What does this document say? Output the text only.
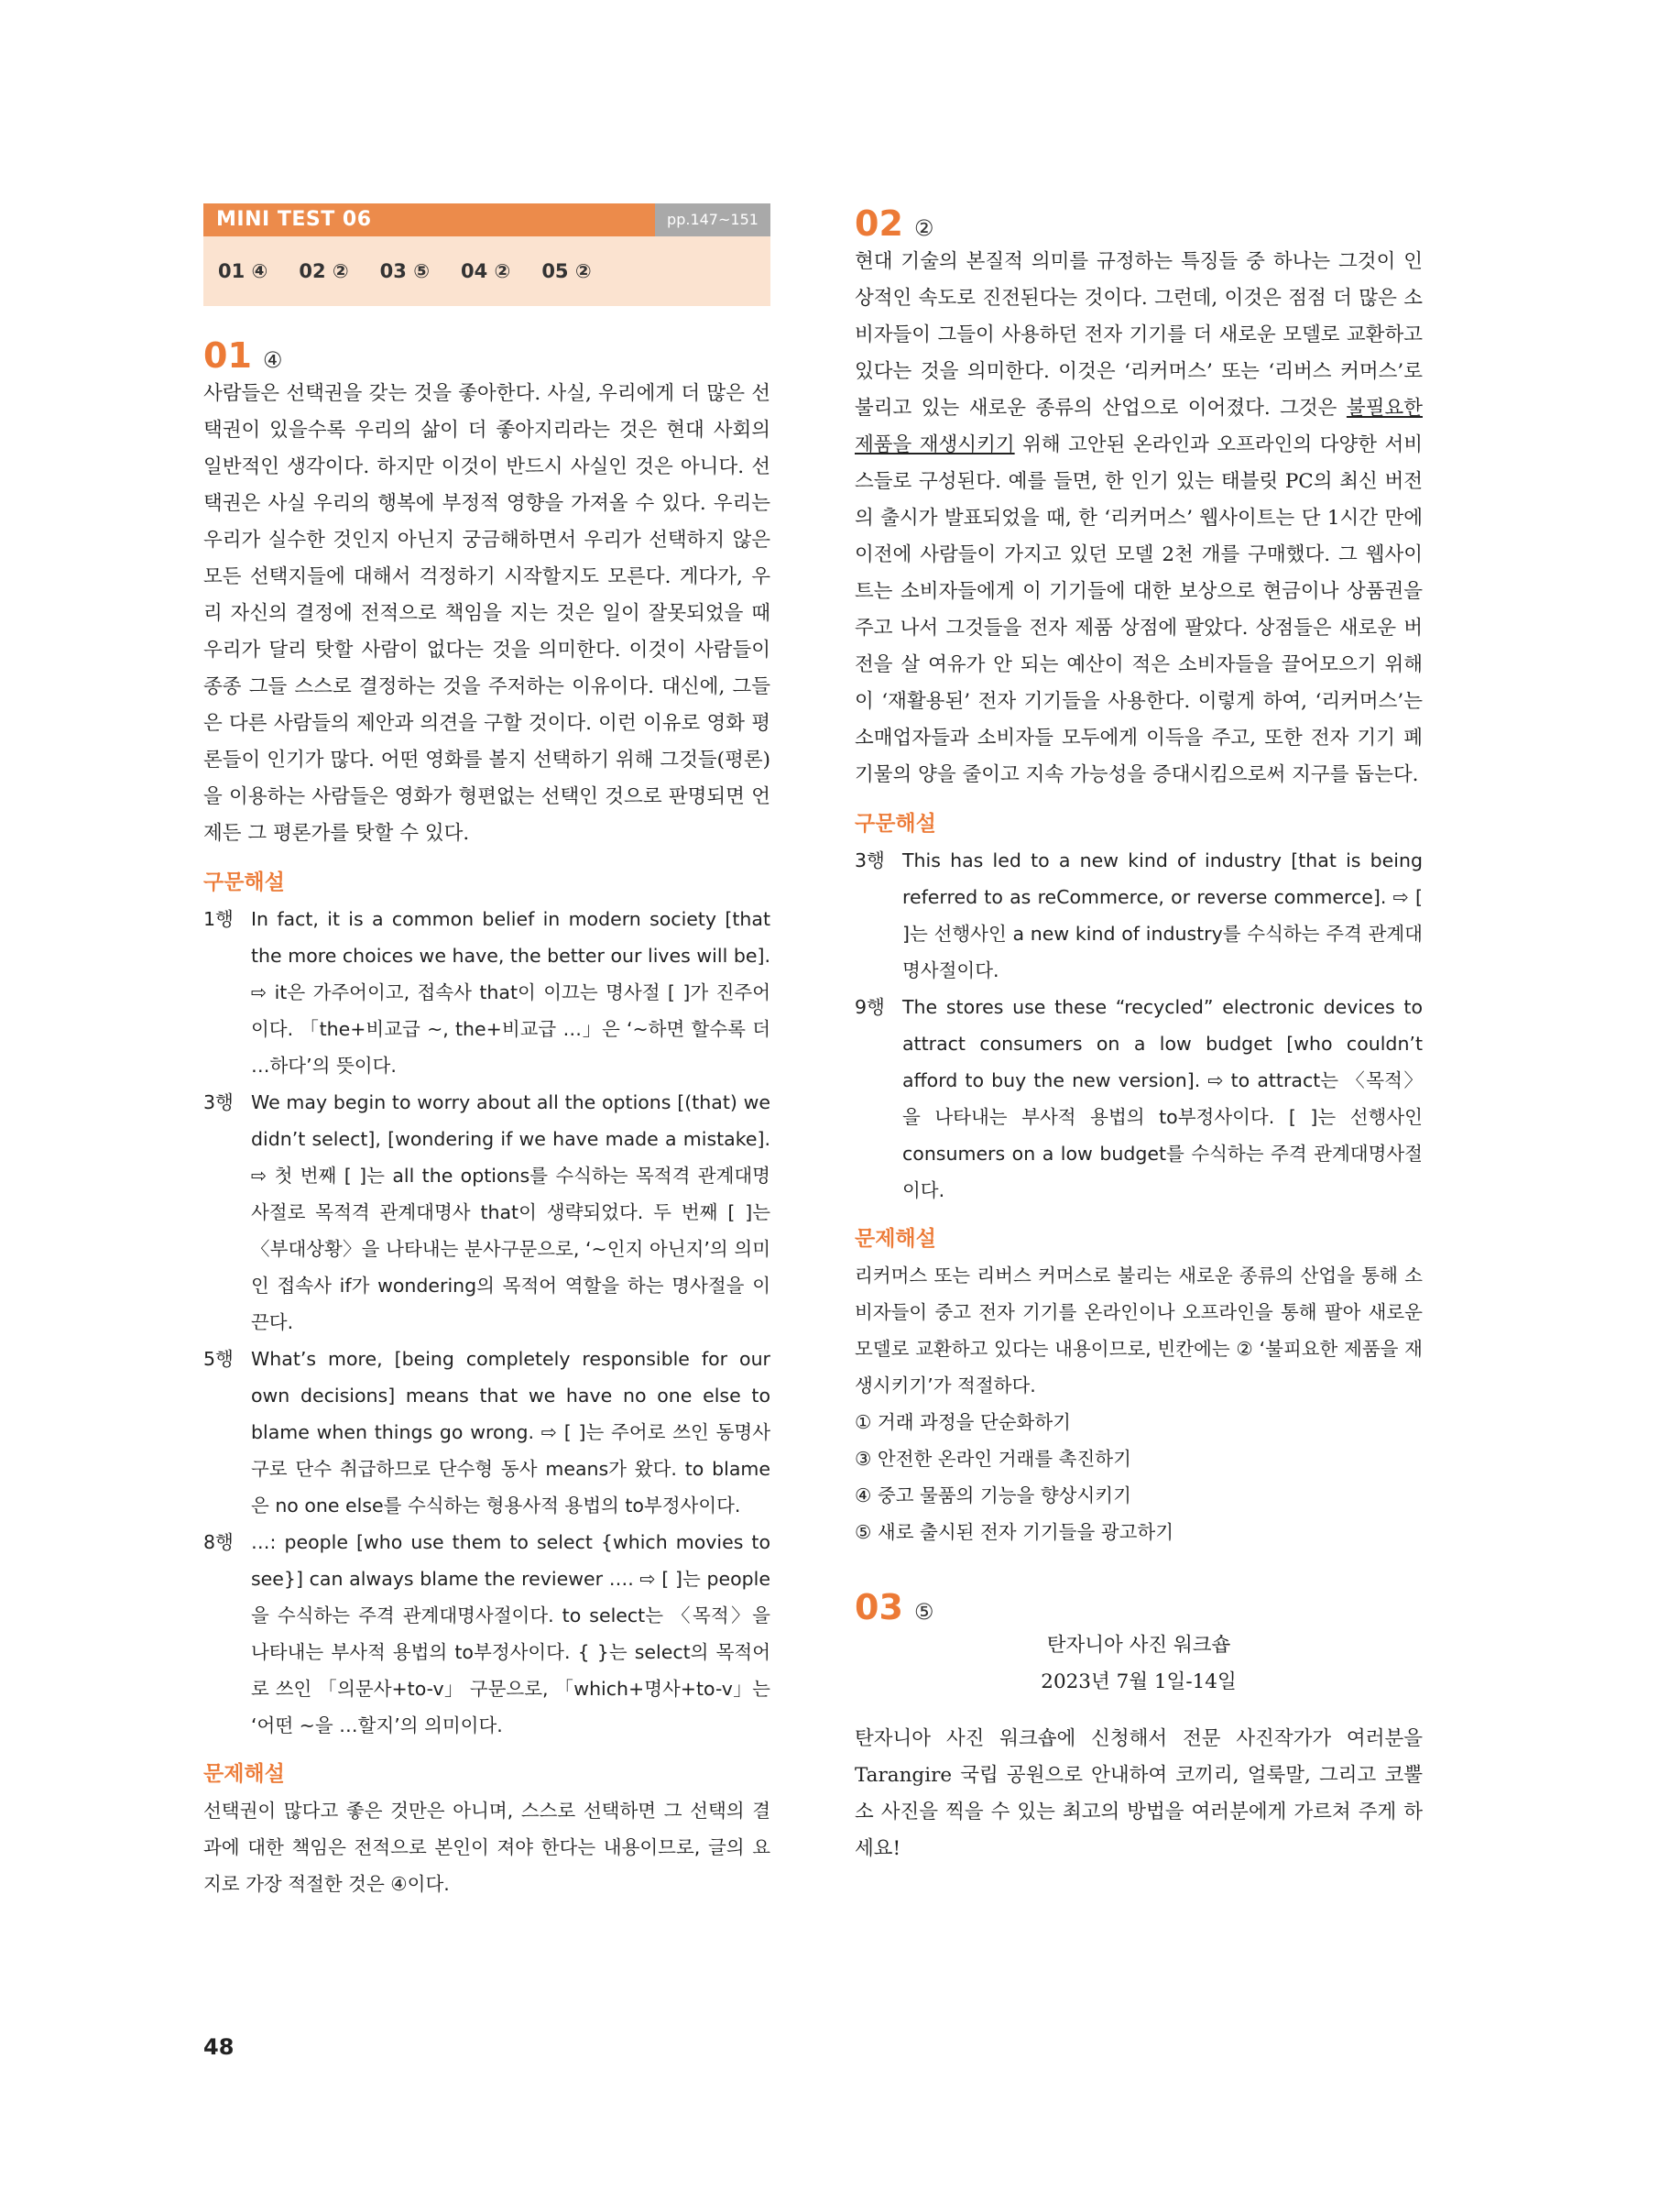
MINI TEST 06	pp.147~151
01 ④ 02 ② 03 ⑤ 04 ② 05 ②
01 ④

사람들은 선택권을 갖는 것을 좋아한다. 사실, 우리에게 더 많은 선택권이 있을수록 우리의 삶이 더 좋아지리라는 것은 현대 사회의 일반적인 생각이다. 하지만 이것이 반드시 사실인 것은 아니다. 선택권은 사실 우리의 행복에 부정적 영향을 가져올 수 있다. 우리는 우리가 실수한 것인지 아닌지 궁금해하면서 우리가 선택하지 않은 모든 선택지들에 대해서 걱정하기 시작할지도 모른다. 게다가, 우리 자신의 결정에 전적으로 책임을 지는 것은 일이 잘못되었을 때 우리가 달리 탓할 사람이 없다는 것을 의미한다. 이것이 사람들이 종종 그들 스스로 결정하는 것을 주저하는 이유이다. 대신에, 그들은 다른 사람들의 제안과 의견을 구할 것이다. 이런 이유로 영화 평론들이 인기가 많다. 어떤 영화를 볼지 선택하기 위해 그것들(평론)을 이용하는 사람들은 영화가 형편없는 선택인 것으로 판명되면 언제든 그 평론가를 탓할 수 있다.

구문해설
1행 In fact, it is a common belief in modern society [that the more choices we have, the better our lives will be]. ⇨ it은 가주어이고, 접속사 that이 이끄는 명사절 [ ]가 진주어이다. 「the+비교급 ~, the+비교급 …」은 ‘~하면 할수록 더 …하다’의 뜻이다.
3행 We may begin to worry about all the options [(that) we didn’t select], [wondering if we have made a mistake]. ⇨ 첫 번째 [ ]는 all the options를 수식하는 목적격 관계대명사절로 목적격 관계대명사 that이 생략되었다. 두 번째 [ ]는 〈부대상황〉을 나타내는 분사구문으로, ‘~인지 아닌지’의 의미인 접속사 if가 wondering의 목적어 역할을 하는 명사절을 이끈다.
5행 What’s more, [being completely responsible for our own decisions] means that we have no one else to blame when things go wrong. ⇨ [ ]는 주어로 쓰인 동명사구로 단수 취급하므로 단수형 동사 means가 왔다. to blame은 no one else를 수식하는 형용사적 용법의 to부정사이다.
8행 …: people [who use them to select {which movies to see}] can always blame the reviewer …. ⇨ [ ]는 people을 수식하는 주격 관계대명사절이다. to select는 〈목적〉을 나타내는 부사적 용법의 to부정사이다. { }는 select의 목적어로 쓰인 「의문사+to-v」 구문으로, 「which+명사+to-v」는 ‘어떤 ~을 …할지’의 의미이다.
문제해설

선택권이 많다고 좋은 것만은 아니며, 스스로 선택하면 그 선택의 결과에 대한 책임은 전적으로 본인이 져야 한다는 내용이므로, 글의 요지로 가장 적절한 것은 ④이다.

02 ②

현대 기술의 본질적 의미를 규정하는 특징들 중 하나는 그것이 인상적인 속도로 진전된다는 것이다. 그런데, 이것은 점점 더 많은 소비자들이 그들이 사용하던 전자 기기를 더 새로운 모델로 교환하고 있다는 것을 의미한다. 이것은 ‘리커머스’ 또는 ‘리버스 커머스’로 불리고 있는 새로운 종류의 산업으로 이어졌다. 그것은 불필요한 제품을 재생시키기 위해 고안된 온라인과 오프라인의 다양한 서비스들로 구성된다. 예를 들면, 한 인기 있는 태블릿 PC의 최신 버전의 출시가 발표되었을 때, 한 ‘리커머스’ 웹사이트는 단 1시간 만에 이전에 사람들이 가지고 있던 모델 2천 개를 구매했다. 그 웹사이트는 소비자들에게 이 기기들에 대한 보상으로 현금이나 상품권을 주고 나서 그것들을 전자 제품 상점에 팔았다. 상점들은 새로운 버전을 살 여유가 안 되는 예산이 적은 소비자들을 끌어모으기 위해 이 ‘재활용된’ 전자 기기들을 사용한다. 이렇게 하여, ‘리커머스’는 소매업자들과 소비자들 모두에게 이득을 주고, 또한 전자 기기 폐기물의 양을 줄이고 지속 가능성을 증대시킴으로써 지구를 돕는다.

구문해설
3행 This has led to a new kind of industry [that is being referred to as reCommerce, or reverse commerce]. ⇨ [ ]는 선행사인 a new kind of industry를 수식하는 주격 관계대명사절이다.
9행 The stores use these “recycled” electronic devices to attract consumers on a low budget [who couldn’t afford to buy the new version]. ⇨ to attract는 〈목적〉을 나타내는 부사적 용법의 to부정사이다. [ ]는 선행사인 consumers on a low budget를 수식하는 주격 관계대명사절이다.
문제해설

리커머스 또는 리버스 커머스로 불리는 새로운 종류의 산업을 통해 소비자들이 중고 전자 기기를 온라인이나 오프라인을 통해 팔아 새로운 모델로 교환하고 있다는 내용이므로, 빈칸에는 ② ‘불피요한 제품을 재생시키기’가 적절하다.

① 거래 과정을 단순화하기
③ 안전한 온라인 거래를 촉진하기
④ 중고 물품의 기능을 향상시키기
⑤ 새로 출시된 전자 기기들을 광고하기
03 ⑤
탄자니아 사진 워크숍
2023년 7월 1일-14일

탄자니아 사진 워크숍에 신청해서 전문 사진작가가 여러분을 Tarangire 국립 공원으로 안내하여 코끼리, 얼룩말, 그리고 코뿔소 사진을 찍을 수 있는 최고의 방법을 여러분에게 가르쳐 주게 하세요!

48
